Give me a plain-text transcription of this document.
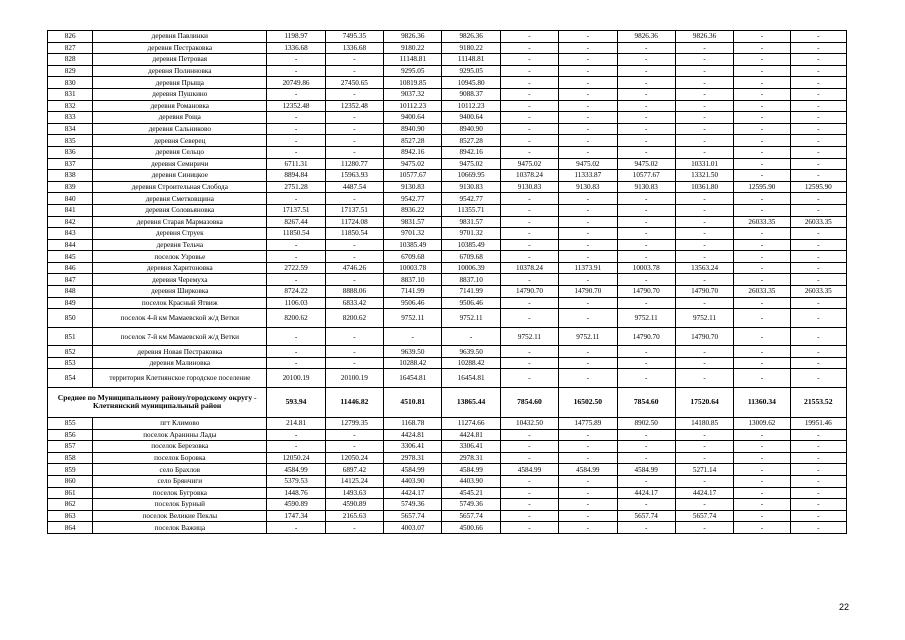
826	деревня Павлинки	1198.97	7495.35	9826.36	9826.36	-	-	9826.36	9826.36	-	-
827	деревня Пестраковка	1336.68	1336.68	9180.22	9180.22	-	-	-	-	-	-
828	деревня Петровая	-	-	11148.81	11148.81	-	-	-	-	-	-
829	деревня Полинновка	-	-	9295.05	9295.05	-	-	-	-	-	-
830	деревня Прыща	20749.86	27450.65	10819.85	10945.80	-	-	-	-	-	-
831	деревня Пушкино	-	-	9037.32	9088.37	-	-	-	-	-	-
832	деревня Романовка	12352.48	12352.48	10112.23	10112.23	-	-	-	-	-	-
833	деревня Роща	-	-	9400.64	9400.64	-	-	-	-	-	-
834	деревня Сальниково	-	-	8940.90	8940.90	-	-	-	-	-	-
835	деревня Северец	-	-	8527.28	8527.28	-	-	-	-	-	-
836	деревня Сельцо	-	-	8942.16	8942.16	-	-	-	-	-	-
837	деревня Семиричи	6711.31	11280.77	9475.02	9475.02	9475.02	9475.02	9475.02	10331.01	-	-
838	деревня Синицкое	8894.84	15963.93	10577.67	10669.95	10378.24	11333.87	10577.67	13321.50	-	-
839	деревня Строительная Слобода	2751.28	4487.54	9130.83	9130.83	9130.83	9130.83	9130.83	10361.80	12595.90	12595.90
840	деревня Сметковщина	-	-	9542.77	9542.77	-	-	-	-	-	-
841	деревня Соловьяновка	17137.51	17137.51	8936.22	11355.71	-	-	-	-	-	-
842	деревня Старая Мармазовка	8267.44	11724.08	9831.57	9831.57	-	-	-	-	26033.35	26033.35
843	деревня Струек	11850.54	11850.54	9701.32	9701.32	-	-	-	-	-	-
844	деревня Тельча	-	-	10385.49	10385.49	-	-	-	-	-	-
845	поселок Узровье	-	-	6709.68	6709.68	-	-	-	-	-	-
846	деревня Харитоновка	2722.59	4746.26	10003.78	10006.39	10378.24	11373.91	10003.78	13563.24	-	-
847	деревня Черемуха	-	-	8837.10	8837.10	-	-	-	-	-	-
848	деревня Ширковка	8724.22	8888.06	7141.99	7141.99	14790.70	14790.70	14790.70	14790.70	26033.35	26033.35
849	поселок Красный Ятвиж	1106.03	6833.42	9506.46	9506.46	-	-	-	-	-	-
850	поселок 4-й км Мамаевской ж/д Ветки	8200.62	8200.62	9752.11	9752.11	-	-	9752.11	9752.11	-	-
851	поселок 7-й км Мамаевской ж/д Ветки	-	-	-	-	9752.11	9752.11	14790.70	14790.70	-	-
852	деревня Новая Пестраковка	-	-	9639.50	9639.50	-	-	-	-	-	-
853	деревня Малиновка	-	-	10288.42	10288.42	-	-	-	-	-	-
854	территория Клетнянское городское поселение	20100.19	20100.19	16454.81	16454.81	-	-	-	-	-	-
Среднее по Муниципальному району/городскому округу - Клетнянский муниципальный район		593.94	11446.82	4510.81	13865.44	7854.60	16502.50	7854.60	17520.64	11360.34	21553.52
855	пгт Климово	214.81	12799.35	1168.78	11274.66	10432.50	14775.89	8902.50	14180.85	13009.62	19951.46
856	поселок Аранины Лады	-	-	4424.81	4424.81	-	-	-	-	-	-
857	поселок Березовка	-	-	3306.41	3306.41	-	-	-	-	-	-
858	поселок Боровка	12050.24	12050.24	2978.31	2978.31	-	-	-	-	-	-
859	село Брахлов	4584.99	6897.42	4584.99	4584.99	4584.99	4584.99	4584.99	5271.14	-	-
860	село Брянчиги	5379.53	14125.24	4403.90	4403.90	-	-	-	-	-	-
861	поселок Бугровка	1448.76	1493.63	4424.17	4545.21	-	-	4424.17	4424.17	-	-
862	поселок Бурный	4590.89	4590.89	5749.36	5749.36	-	-	-	-	-	-
863	поселок Великие Пеклы	1747.34	2165.63	5657.74	5657.74	-	-	5657.74	5657.74	-	-
864	поселок Важица	-	-	4003.07	4500.66	-	-	-	-	-	-
22
